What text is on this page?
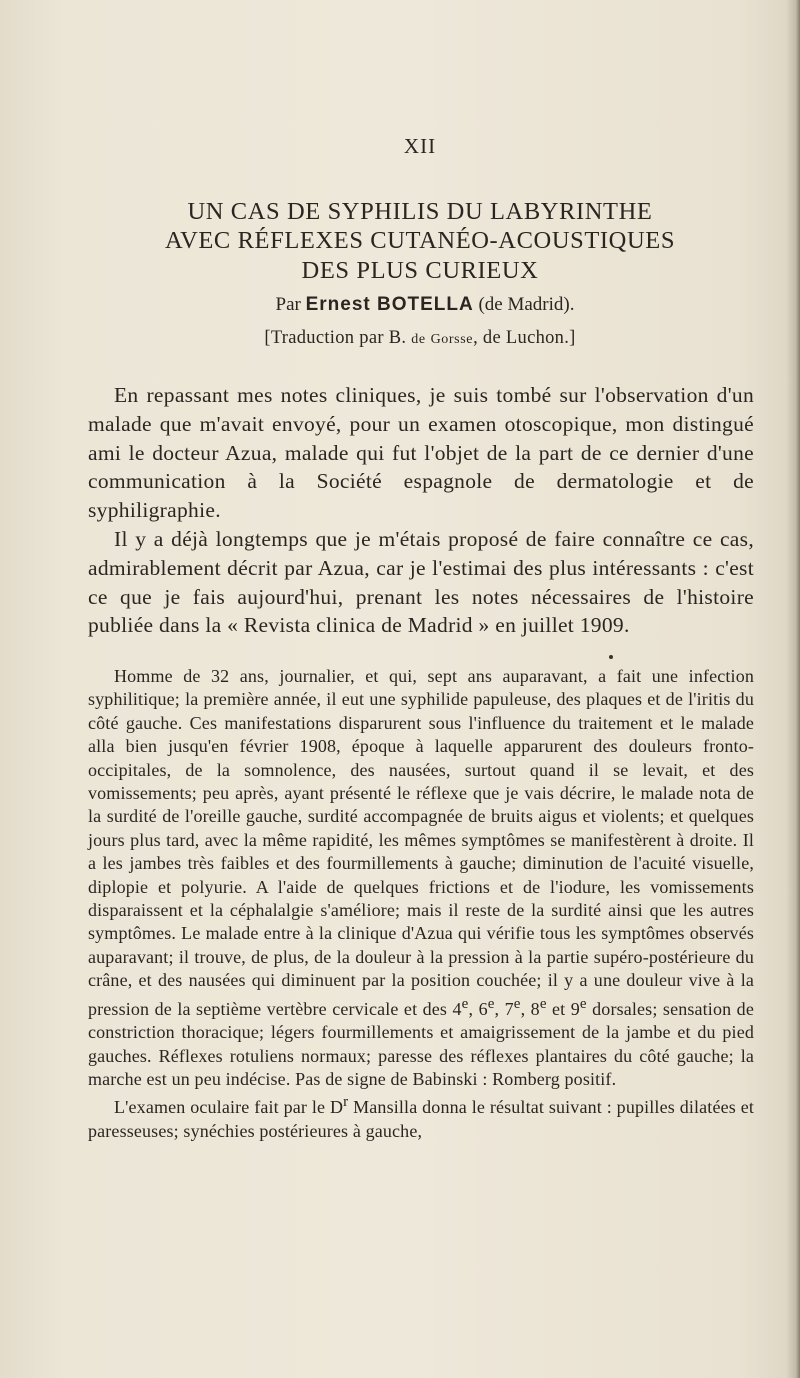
XII
UN CAS DE SYPHILIS DU LABYRINTHE
AVEC RÉFLEXES CUTANÉO-ACOUSTIQUES
DES PLUS CURIEUX
Par Ernest BOTELLA (de Madrid).
[Traduction par B. de Gorsse, de Luchon.]

En repassant mes notes cliniques, je suis tombé sur l'observation d'un malade que m'avait envoyé, pour un examen otoscopique, mon distingué ami le docteur Azua, malade qui fut l'objet de la part de ce dernier d'une communication à la Société espagnole de dermatologie et de syphiligraphie.

Il y a déjà longtemps que je m'étais proposé de faire connaître ce cas, admirablement décrit par Azua, car je l'estimai des plus intéressants : c'est ce que je fais aujourd'hui, prenant les notes nécessaires de l'histoire publiée dans la « Revista clinica de Madrid » en juillet 1909.

Homme de 32 ans, journalier, et qui, sept ans auparavant, a fait une infection syphilitique; la première année, il eut une syphilide papuleuse, des plaques et de l'iritis du côté gauche. Ces manifestations disparurent sous l'influence du traitement et le malade alla bien jusqu'en février 1908, époque à laquelle apparurent des douleurs fronto-occipitales, de la somnolence, des nausées, surtout quand il se levait, et des vomissements; peu après, ayant présenté le réflexe que je vais décrire, le malade nota de la surdité de l'oreille gauche, surdité accompagnée de bruits aigus et violents; et quelques jours plus tard, avec la même rapidité, les mêmes symptômes se manifestèrent à droite. Il a les jambes très faibles et des fourmillements à gauche; diminution de l'acuité visuelle, diplopie et polyurie. A l'aide de quelques frictions et de l'iodure, les vomissements disparaissent et la céphalalgie s'améliore; mais il reste de la surdité ainsi que les autres symptômes. Le malade entre à la clinique d'Azua qui vérifie tous les symptômes observés auparavant; il trouve, de plus, de la douleur à la pression à la partie supéro-postérieure du crâne, et des nausées qui diminuent par la position couchée; il y a une douleur vive à la pression de la septième vertèbre cervicale et des 4e, 6e, 7e, 8e et 9e dorsales; sensation de constriction thoracique; légers fourmillements et amaigrissement de la jambe et du pied gauches. Réflexes rotuliens normaux; paresse des réflexes plantaires du côté gauche; la marche est un peu indécise. Pas de signe de Babinski : Romberg positif.

L'examen oculaire fait par le $D^r$ Mansilla donna le résultat suivant : pupilles dilatées et paresseuses; synéchies postérieures à gauche,
